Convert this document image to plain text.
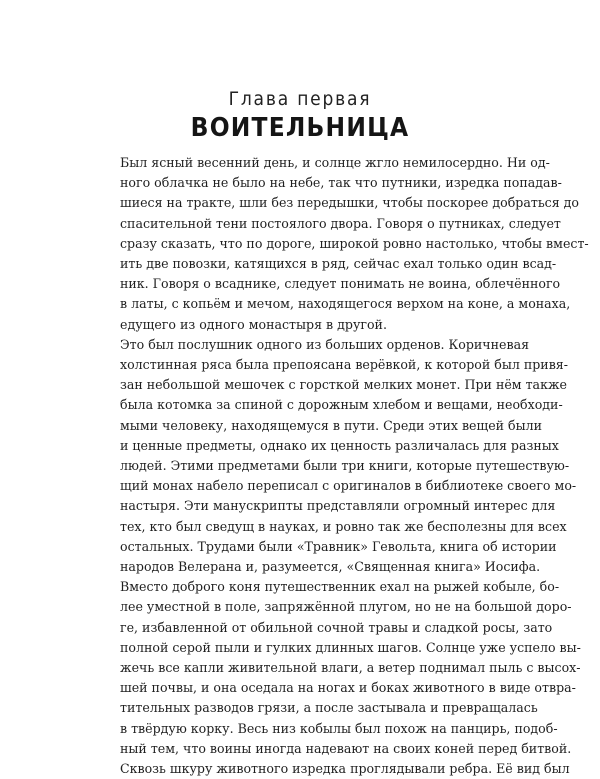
Глава первая
ВОИТЕЛЬНИЦА

Был ясный весенний день, и солнце жгло немилосердно. Ни од-
ного облачка не было на небе, так что путники, изредка попадав-
шиеся на тракте, шли без передышки, чтобы поскорее добраться до
спасительной тени постоялого двора. Говоря о путниках, следует
сразу сказать, что по дороге, широкой ровно настолько, чтобы вмест-
ить две повозки, катящихся в ряд, сейчас ехал только один всад-
ник. Говоря о всаднике, следует понимать не воина, облечённого
в латы, с копьём и мечом, находящегося верхом на коне, а монаха,
едущего из одного монастыря в другой.

Это был послушник одного из больших орденов. Коричневая
холстинная ряса была препоясана верёвкой, к которой был привя-
зан небольшой мешочек с горсткой мелких монет. При нём также
была котомка за спиной с дорожным хлебом и вещами, необходи-
мыми человеку, находящемуся в пути. Среди этих вещей были
и ценные предметы, однако их ценность различалась для разных
людей. Этими предметами были три книги, которые путешествую-
щий монах набело переписал с оригиналов в библиотеке своего мо-
настыря. Эти манускрипты представляли огромный интерес для
тех, кто был сведущ в науках, и ровно так же бесполезны для всех
остальных. Трудами были «Травник» Гевольта, книга об истории
народов Велерана и, разумеется, «Священная книга» Иосифа.

Вместо доброго коня путешественник ехал на рыжей кобыле, бо-
лее уместной в поле, запряжённой плугом, но не на большой доро-
ге, избавленной от обильной сочной травы и сладкой росы, зато
полной серой пыли и гулких длинных шагов. Солнце уже успело вы-
жечь все капли живительной влаги, а ветер поднимал пыль с высох-
шей почвы, и она оседала на ногах и боках животного в виде отвра-
тительных разводов грязи, а после застывала и превращалась
в твёрдую корку. Весь низ кобылы был похож на панцирь, подоб-
ный тем, что воины иногда надевают на своих коней перед битвой.
Сквозь шкуру животного изредка проглядывали ребра. Её вид был
